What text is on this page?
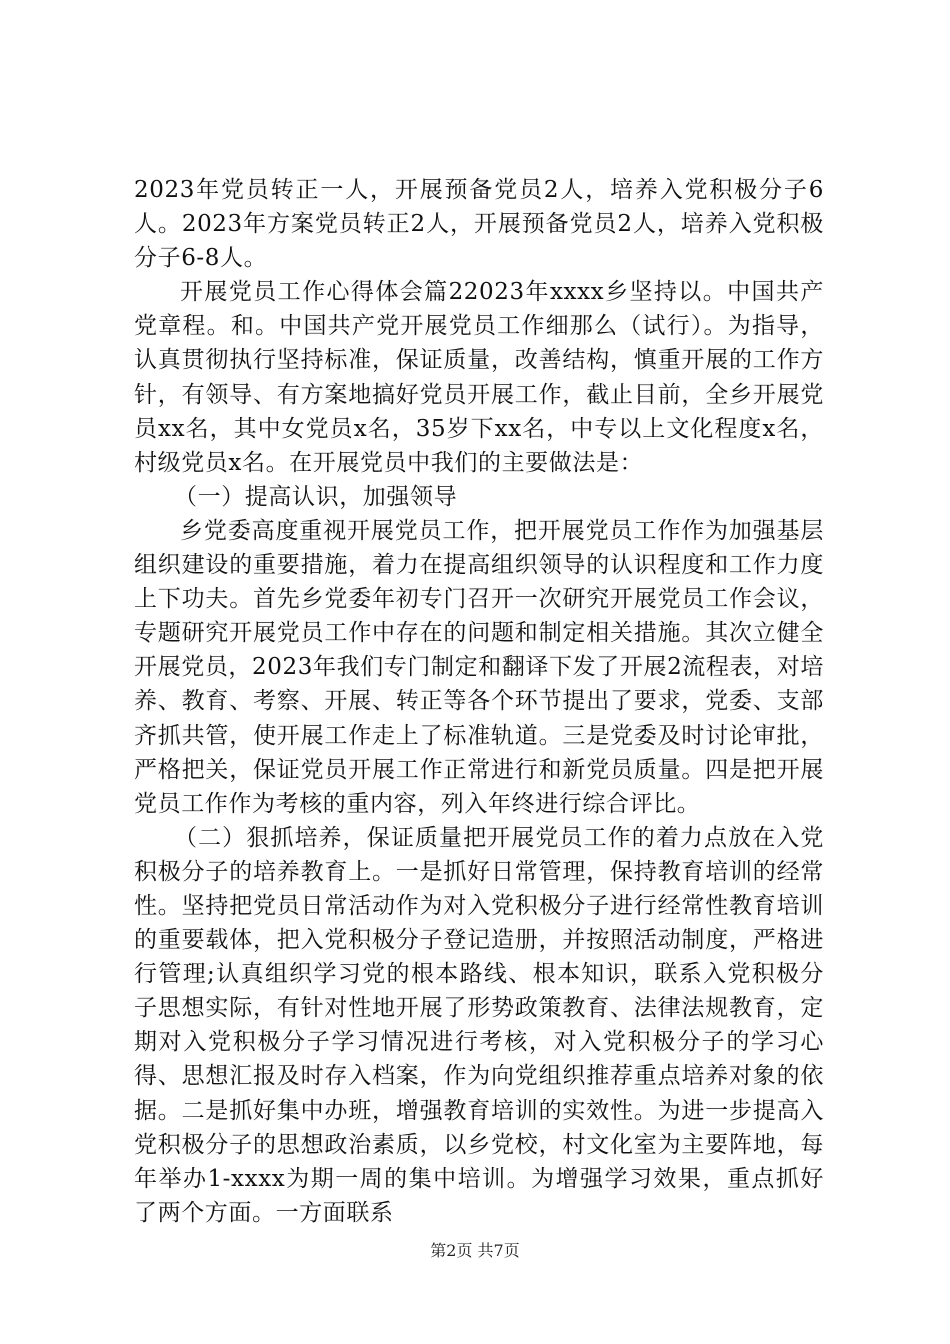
2023年党员转正一人，开展预备党员2人，培养入党积极分子6人。2023年方案党员转正2人，开展预备党员2人，培养入党积极分子6-8人。

开展党员工作心得体会篇22023年xxxx乡坚持以。中国共产党章程。和。中国共产党开展党员工作细那么（试行）。为指导，认真贯彻执行坚持标准，保证质量，改善结构，慎重开展的工作方针，有领导、有方案地搞好党员开展工作，截止目前，全乡开展党员xx名，其中女党员x名，35岁下xx名，中专以上文化程度x名，村级党员x名。在开展党员中我们的主要做法是：

（一）提高认识，加强领导

乡党委高度重视开展党员工作，把开展党员工作作为加强基层组织建设的重要措施，着力在提高组织领导的认识程度和工作力度上下功夫。首先乡党委年初专门召开一次研究开展党员工作会议，专题研究开展党员工作中存在的问题和制定相关措施。其次立健全开展党员，2023年我们专门制定和翻译下发了开展2流程表，对培养、教育、考察、开展、转正等各个环节提出了要求，党委、支部齐抓共管，使开展工作走上了标准轨道。三是党委及时讨论审批，严格把关，保证党员开展工作正常进行和新党员质量。四是把开展党员工作作为考核的重内容，列入年终进行综合评比。

（二）狠抓培养，保证质量把开展党员工作的着力点放在入党积极分子的培养教育上。一是抓好日常管理，保持教育培训的经常性。坚持把党员日常活动作为对入党积极分子进行经常性教育培训的重要载体，把入党积极分子登记造册，并按照活动制度，严格进行管理;认真组织学习党的根本路线、根本知识，联系入党积极分子思想实际，有针对性地开展了形势政策教育、法律法规教育，定期对入党积极分子学习情况进行考核，对入党积极分子的学习心得、思想汇报及时存入档案，作为向党组织推荐重点培养对象的依据。二是抓好集中办班，增强教育培训的实效性。为进一步提高入党积极分子的思想政治素质，以乡党校，村文化室为主要阵地，每年举办1-xxxx为期一周的集中培训。为增强学习效果，重点抓好了两个方面。一方面联系

第2页 共7页
